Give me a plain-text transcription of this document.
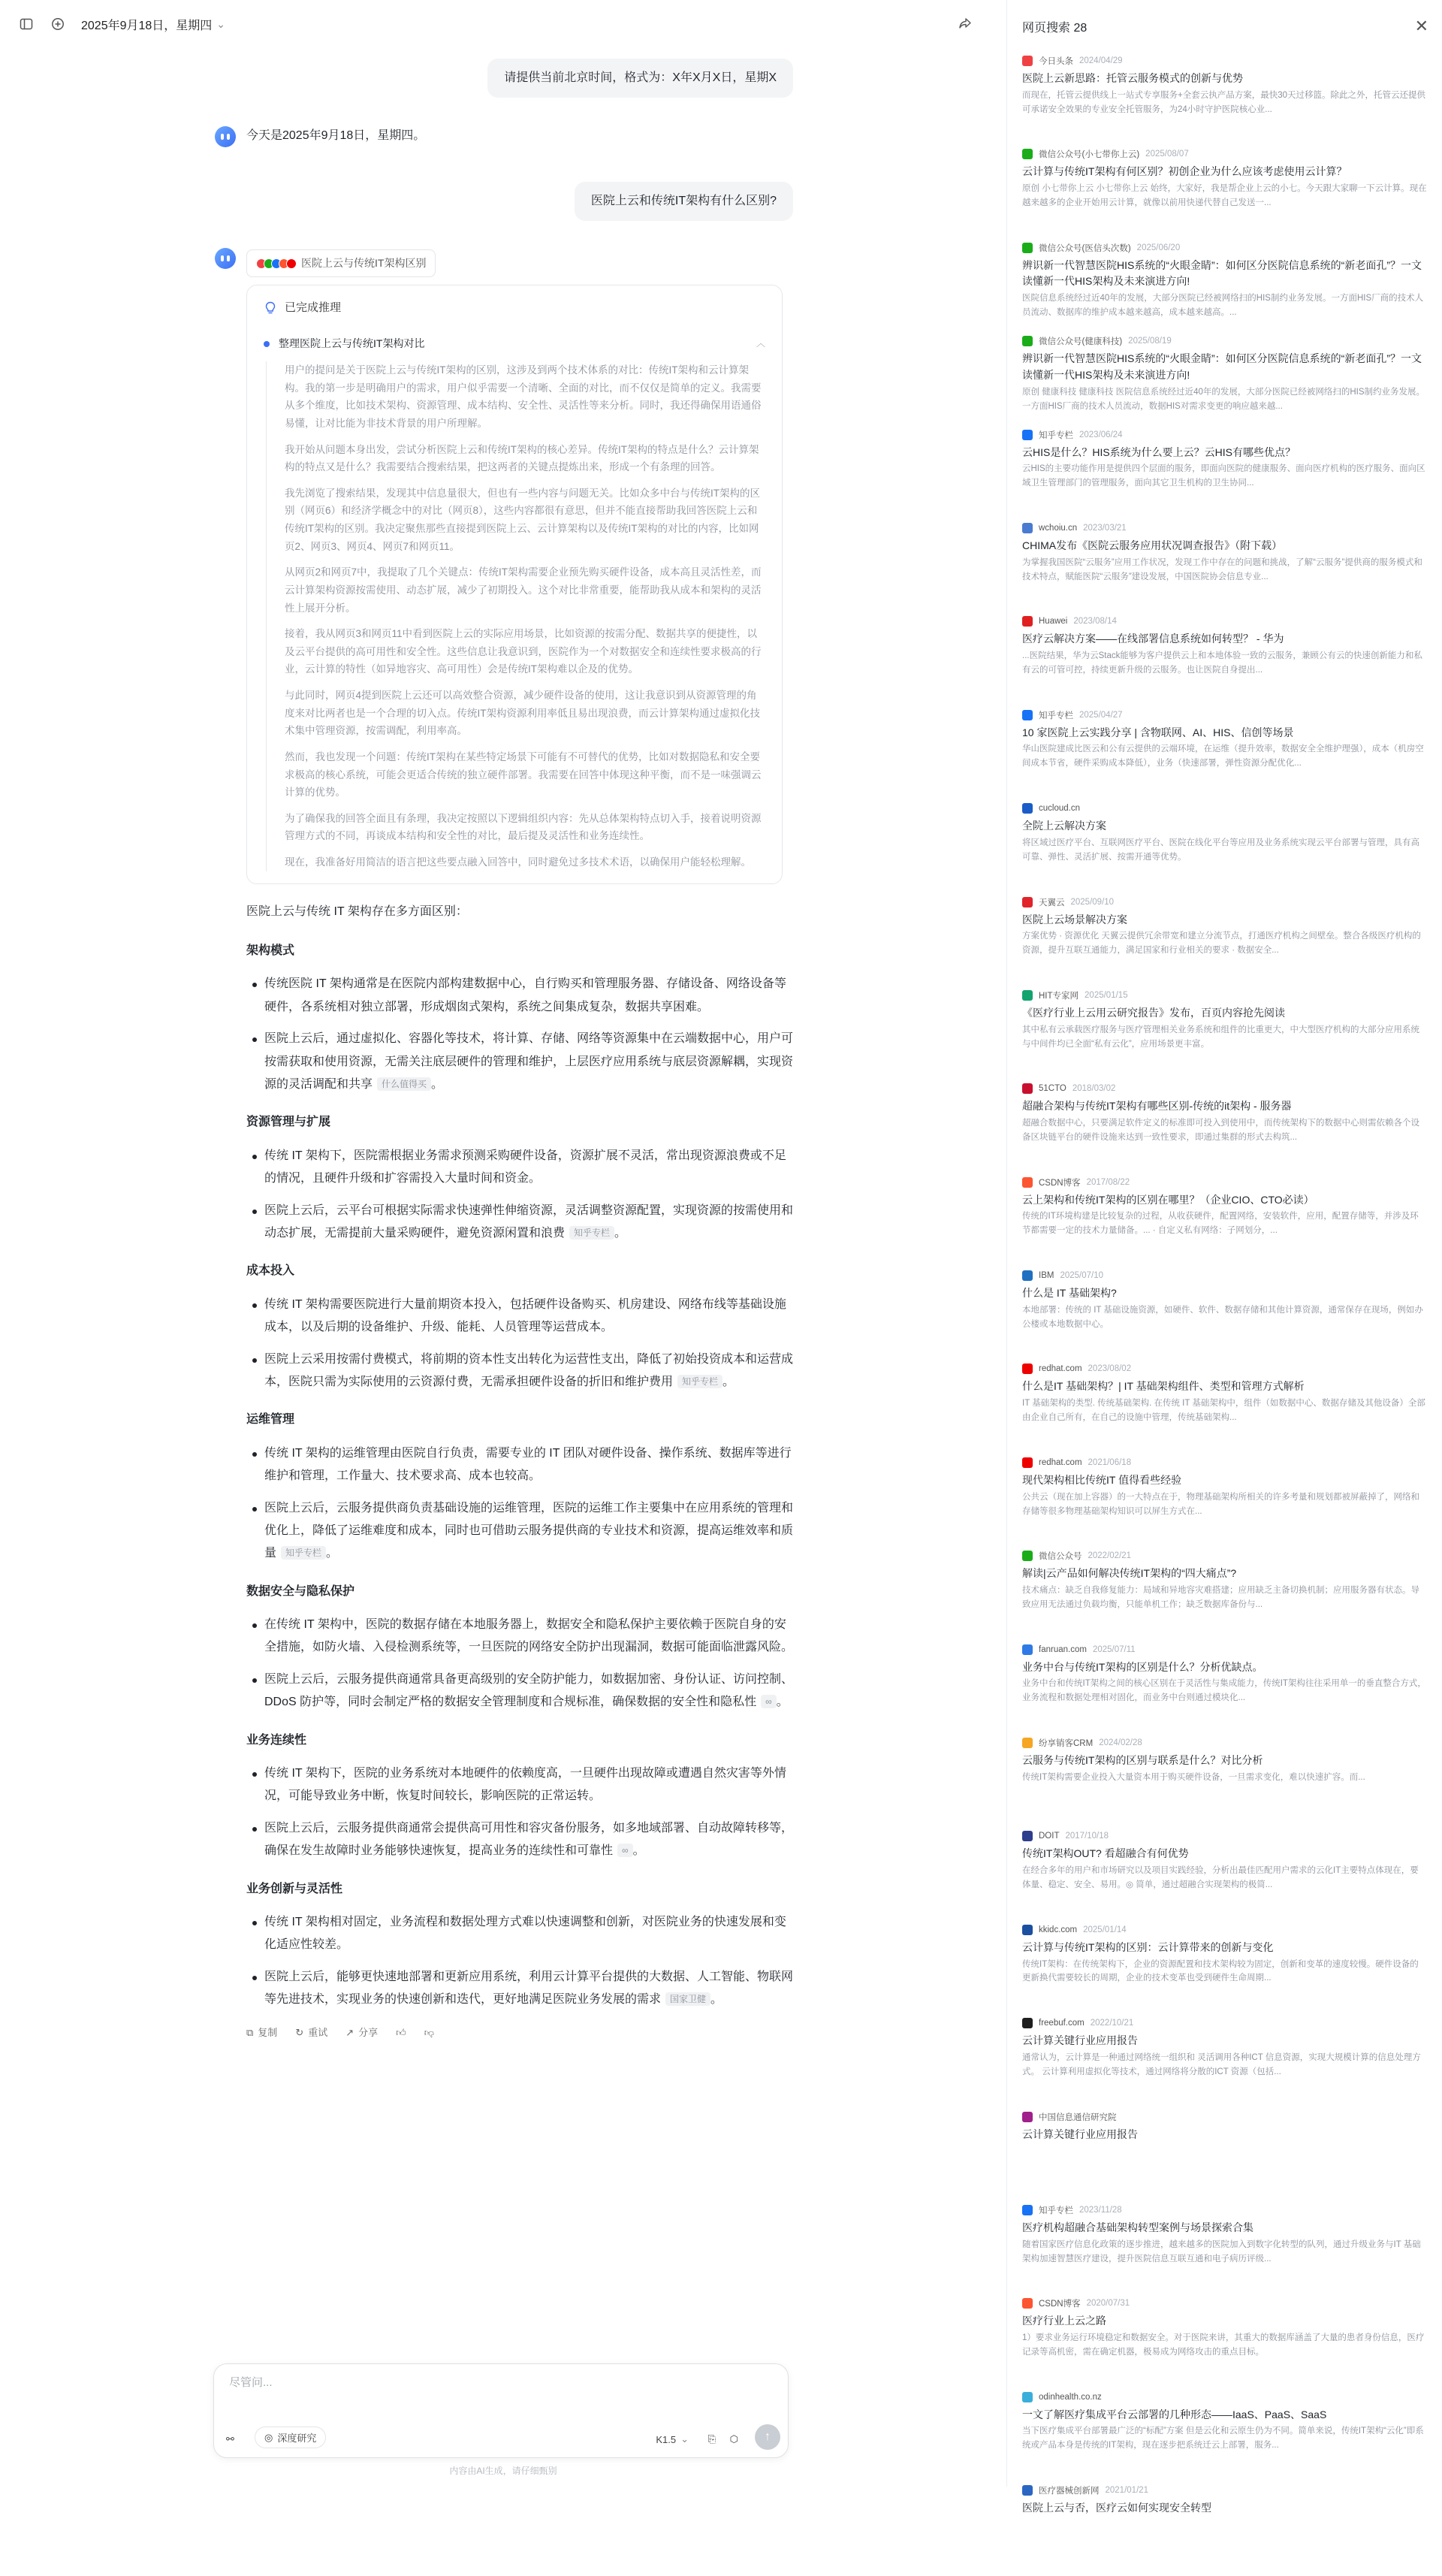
2025年9月18日，星期四 ⌄
请提供当前北京时间，格式为：X年X月X日，星期X
今天是2025年9月18日，星期四。
医院上云和传统IT架构有什么区别?
医院上云与传统IT架构区别
已完成推理
整理医院上云与传统IT架构对比	︿

用户的提问是关于医院上云与传统IT架构的区别，这涉及到两个技术体系的对比：传统IT架构和云计算架构。我的第一步是明确用户的需求，用户似乎需要一个清晰、全面的对比，而不仅仅是简单的定义。我需要从多个维度，比如技术架构、资源管理、成本结构、安全性、灵活性等来分析。同时，我还得确保用语通俗易懂，让对比能为非技术背景的用户所理解。

我开始从问题本身出发，尝试分析医院上云和传统IT架构的核心差异。传统IT架构的特点是什么？云计算架构的特点又是什么？我需要结合搜索结果，把这两者的关键点提炼出来，形成一个有条理的回答。

我先浏览了搜索结果，发现其中信息量很大，但也有一些内容与问题无关。比如众多中台与传统IT架构的区别（网页6）和经济学概念中的对比（网页8），这些内容都很有意思，但并不能直接帮助我回答医院上云和传统IT架构的区别。我决定聚焦那些直接提到医院上云、云计算架构以及传统IT架构的对比的内容，比如网页2、网页3、网页4、网页7和网页11。

从网页2和网页7中，我提取了几个关键点：传统IT架构需要企业预先购买硬件设备，成本高且灵活性差，而云计算架构资源按需使用、动态扩展，减少了初期投入。这个对比非常重要，能帮助我从成本和架构的灵活性上展开分析。

接着，我从网页3和网页11中看到医院上云的实际应用场景，比如资源的按需分配、数据共享的便捷性，以及云平台提供的高可用性和安全性。这些信息让我意识到，医院作为一个对数据安全和连续性要求极高的行业，云计算的特性（如异地容灾、高可用性）会是传统IT架构难以企及的优势。

与此同时，网页4提到医院上云还可以高效整合资源，减少硬件设备的使用，这让我意识到从资源管理的角度来对比两者也是一个合理的切入点。传统IT架构资源利用率低且易出现浪费，而云计算架构通过虚拟化技术集中管理资源，按需调配，利用率高。

然而，我也发现一个问题：传统IT架构在某些特定场景下可能有不可替代的优势，比如对数据隐私和安全要求极高的核心系统，可能会更适合传统的独立硬件部署。我需要在回答中体现这种平衡，而不是一味强调云计算的优势。

为了确保我的回答全面且有条理，我决定按照以下逻辑组织内容：先从总体架构特点切入手，接着说明资源管理方式的不同，再谈成本结构和安全性的对比，最后提及灵活性和业务连续性。

现在，我准备好用简洁的语言把这些要点融入回答中，同时避免过多技术术语，以确保用户能轻松理解。

医院上云与传统 IT 架构存在多方面区别：
架构模式
传统医院 IT 架构通常是在医院内部构建数据中心，自行购买和管理服务器、存储设备、网络设备等硬件，各系统相对独立部署，形成烟囱式架构，系统之间集成复杂，数据共享困难。
医院上云后，通过虚拟化、容器化等技术，将计算、存储、网络等资源集中在云端数据中心，用户可按需获取和使用资源，无需关注底层硬件的管理和维护，上层医疗应用系统与底层资源解耦，实现资源的灵活调配和共享 什么值得买 。
资源管理与扩展
传统 IT 架构下，医院需根据业务需求预测采购硬件设备，资源扩展不灵活，常出现资源浪费或不足的情况，且硬件升级和扩容需投入大量时间和资金。
医院上云后，云平台可根据实际需求快速弹性伸缩资源，灵活调整资源配置，实现资源的按需使用和动态扩展，无需提前大量采购硬件，避免资源闲置和浪费 知乎专栏 。
成本投入
传统 IT 架构需要医院进行大量前期资本投入，包括硬件设备购买、机房建设、网络布线等基础设施成本，以及后期的设备维护、升级、能耗、人员管理等运营成本。
医院上云采用按需付费模式，将前期的资本性支出转化为运营性支出，降低了初始投资成本和运营成本，医院只需为实际使用的云资源付费，无需承担硬件设备的折旧和维护费用 知乎专栏 。
运维管理
传统 IT 架构的运维管理由医院自行负责，需要专业的 IT 团队对硬件设备、操作系统、数据库等进行维护和管理，工作量大、技术要求高、成本也较高。
医院上云后，云服务提供商负责基础设施的运维管理，医院的运维工作主要集中在应用系统的管理和优化上，降低了运维难度和成本，同时也可借助云服务提供商的专业技术和资源，提高运维效率和质量 知乎专栏 。
数据安全与隐私保护
在传统 IT 架构中，医院的数据存储在本地服务器上，数据安全和隐私保护主要依赖于医院自身的安全措施，如防火墙、入侵检测系统等，一旦医院的网络安全防护出现漏洞，数据可能面临泄露风险。
医院上云后，云服务提供商通常具备更高级别的安全防护能力，如数据加密、身份认证、访问控制、DDoS 防护等，同时会制定严格的数据安全管理制度和合规标准，确保数据的安全性和隐私性 ∞ 。
业务连续性
传统 IT 架构下，医院的业务系统对本地硬件的依赖度高，一旦硬件出现故障或遭遇自然灾害等外情况，可能导致业务中断，恢复时间较长，影响医院的正常运转。
医院上云后，云服务提供商通常会提供高可用性和容灾备份服务，如多地域部署、自动故障转移等，确保在发生故障时业务能够快速恢复，提高业务的连续性和可靠性 ∞ 。
业务创新与灵活性
传统 IT 架构相对固定，业务流程和数据处理方式难以快速调整和创新，对医院业务的快速发展和变化适应性较差。
医院上云后，能够更快速地部署和更新应用系统，利用云计算平台提供的大数据、人工智能、物联网等先进技术，实现业务的快速创新和迭代，更好地满足医院业务发展的需求 国家卫健 。
⧉ 复制 ↻ 重试 ↗ 分享 👍︎ 👎︎
尽管问...
⚯	◎ 深度研究	K1.5 ⌄ ⎘ ⬡ ↑
内容由AI生成，请仔细甄别
网页搜索 28	✕
今日头条 2024/04/29
医院上云新思路：托管云服务模式的创新与优势
而现在，托管云提供线上一站式专享服务+全套云执产品方案，最快30天过移篮。除此之外，托管云还提供可承诺安全效果的专业安全托管服务，为24小时守护医院核心业...
微信公众号(小七带你上云) 2025/08/07
云计算与传统IT架构有何区别？初创企业为什么应该考虑使用云计算？
原创 小七带你上云 小七带你上云 始终，大家好，我是帮企业上云的小七。今天跟大家聊一下云计算。现在越来越多的企业开始用云计算，就像以前用快递代替自己发送一...
微信公众号(医信头次数) 2025/06/20
辨识新一代智慧医院HIS系统的“火眼金睛”：如何区分医院信息系统的“新老面孔”？一文读懂新一代HIS架构及未来演进方向!
医院信息系统经过近40年的发展，大部分医院已经被网络扫的HIS制约业务发展。一方面HIS厂商的技术人员流动、数据库的维护成本越来越高，成本越来越高。...
微信公众号(健康科技) 2025/08/19
辨识新一代智慧医院HIS系统的“火眼金睛”：如何区分医院信息系统的“新老面孔”？一文读懂新一代HIS架构及未来演进方向!
原创 健康科技 健康科技 医院信息系统经过近40年的发展，大部分医院已经被网络扫的HIS制约业务发展。一方面HIS厂商的技术人员流动，数据HIS对需求变更的响应越来越...
知乎专栏 2023/06/24
云HIS是什么？HIS系统为什么要上云？云HIS有哪些优点？
云HIS的主要功能作用是提供四个层面的服务，即面向医院的健康服务、面向医疗机构的医疗服务、面向区域卫生管理部门的管理服务，面向其它卫生机构的卫生协同...
wchoiu.cn 2023/03/21
CHIMA发布《医院云服务应用状况调查报告》（附下载）
为掌握我国医院“云服务”应用工作状况，发现工作中存在的问题和挑战，了解“云服务”提供商的服务模式和技术特点，赋能医院“云服务”建设发展，中国医院协会信息专业...
Huawei 2023/08/14
医疗云解决方案——在线部署信息系统如何转型？ - 华为
...医院结果，华为云Stack能够为客户提供云上和本地体验一致的云服务，兼顾公有云的快速创新能力和私有云的可管可控，持续更新升级的云服务。也让医院自身提出...
知乎专栏 2025/04/27
10 家医院上云实践分享 | 含物联网、AI、HIS、信创等场景
华山医院建成比医云和公有云提供的云端环境，在运维（提升效率，数据安全全维护理强），成本（机房空间成本节省，硬件采购成本降低），业务（快速部署，弹性资源分配优化...
cucloud.cn
全院上云解决方案
将区域过医疗平台、互联网医疗平台、医院在线化平台等应用及业务系统实现云平台部署与管理，具有高可靠、弹性、灵活扩展、按需开通等优势。
天翼云 2025/09/10
医院上云场景解决方案
方案优势 · 资源优化 天翼云提供冗余带宽和建立分流节点，打通医疗机构之间壁垒。整合各级医疗机构的资源，提升互联互通能力，满足国家和行业相关的要求 · 数据安全...
HIT专家网 2025/01/15
《医疗行业上云用云研究报告》发布，百页内容抢先阅读
其中私有云承载医疗服务与医疗管理相关业务系统和组件的比重更大，中大型医疗机构的大部分应用系统与中间件均已全面“私有云化”，应用场景更丰富。
51CTO 2018/03/02
超融合架构与传统IT架构有哪些区别-传统的it架构 - 服务器
超融合数据中心，只要满足软件定义的标准即可投入到使用中，而传统架构下的数据中心则需依赖各个设备区块链平台的硬件设施来达到一致性要求，即通过集群的形式去构筑...
CSDN博客 2017/08/22
云上架构和传统IT架构的区别在哪里？（企业CIO、CTO必读）
传统的IT环境构建是比较复杂的过程，从收获硬件，配置网络，安装软件，应用，配置存储等，并涉及环节都需要一定的技术力量储备。... · 自定义私有网络：子网划分，...
IBM 2025/07/10
什么是 IT 基础架构?
本地部署：传统的 IT 基础设施资源，如硬件、软件、数据存储和其他计算资源，通常保存在现场，例如办公楼或本地数据中心。
redhat.com 2023/08/02
什么是IT 基础架构？| IT 基础架构组件、类型和管理方式解析
IT 基础架构的类型. 传统基础架构. 在传统 IT 基础架构中，组件（如数据中心、数据存储及其他设备）全部由企业自己所有，在自己的设施中管理，传统基础架构...
redhat.com 2021/06/18
现代架构相比传统IT 值得看些经验
公共云（现在加上容器）的一大特点在于，物理基础架构所相关的许多考量和规划都被屏蔽掉了，网络和存储等很多物理基础架构知识可以屏生方式在...
微信公众号 2022/02/21
解读|云产品如何解决传统IT架构的“四大痛点”?
技术痛点：缺乏自我修复能力：局域和异地容灾难搭建；应用缺乏主备切换机制；应用服务器有状态。导致应用无法通过负载均衡，只能单机工作；缺乏数据库备份与...
fanruan.com 2025/07/11
业务中台与传统IT架构的区别是什么？分析优缺点。
业务中台和传统IT架构之间的核心区别在于灵活性与集成能力，传统IT架构往往采用单一的垂直整合方式，业务流程和数据处理相对固化，而业务中台则通过模块化...
纷享销客CRM 2024/02/28
云服务与传统IT架构的区别与联系是什么？对比分析
传统IT架构需要企业投入大量资本用于购买硬件设备，一旦需求变化，难以快速扩容。而...
DOIT 2017/10/18
传统IT架构OUT? 看超融合有何优势
在经合多年的用户和市场研究以及项目实践经验，分析出最佳匹配用户需求的云化IT主要特点体现在，要体量、稳定、安全、易用。◎ 简单，通过超融合实现架构的极简...
kkidc.com 2025/01/14
云计算与传统IT架构的区别：云计算带来的创新与变化
传统IT架构：在传统架构下，企业的资源配置和技术架构较为固定，创新和变革的速度较慢。硬件设备的更新换代需要较长的周期，企业的技术变革也受到硬件生命周期...
freebuf.com 2022/10/21
云计算关键行业应用报告
通常认为，云计算是一种通过网络统一组织和 灵活调用各种ICT 信息资源，实现大规模计算的信息处理方式。 云计算利用虚拟化等技术，通过网络将分散的ICT 资源（包括...
中国信息通信研究院
云计算关键行业应用报告
知乎专栏 2023/11/28
医疗机构超融合基础架构转型案例与场景探索合集
随着国家医疗信息化政策的逐步推进，越来越多的医院加入到数字化转型的队列，通过升级业务与IT 基础架构加速智慧医疗建设，提升医院信息互联互通和电子病历评级...
CSDN博客 2020/07/31
医疗行业上云之路
1）要求业务运行环境稳定和数据安全。对于医院来讲，其重大的数据库涵盖了大量的患者身份信息，医疗记录等高机密，需在确定机器，极易成为网络攻击的重点目标。
odinhealth.co.nz
一文了解医疗集成平台云部署的几种形态——IaaS、PaaS、SaaS
当下医疗集成平台部署最广泛的“标配”方案 但是云化和云原生仍为不同。简单来说，传统IT架构“云化”即系统或产品本身是传统的IT架构，现在逐步把系统迁云上部署，服务...
医疗器械创新网 2021/01/21
医院上云与否，医疗云如何实现安全转型
